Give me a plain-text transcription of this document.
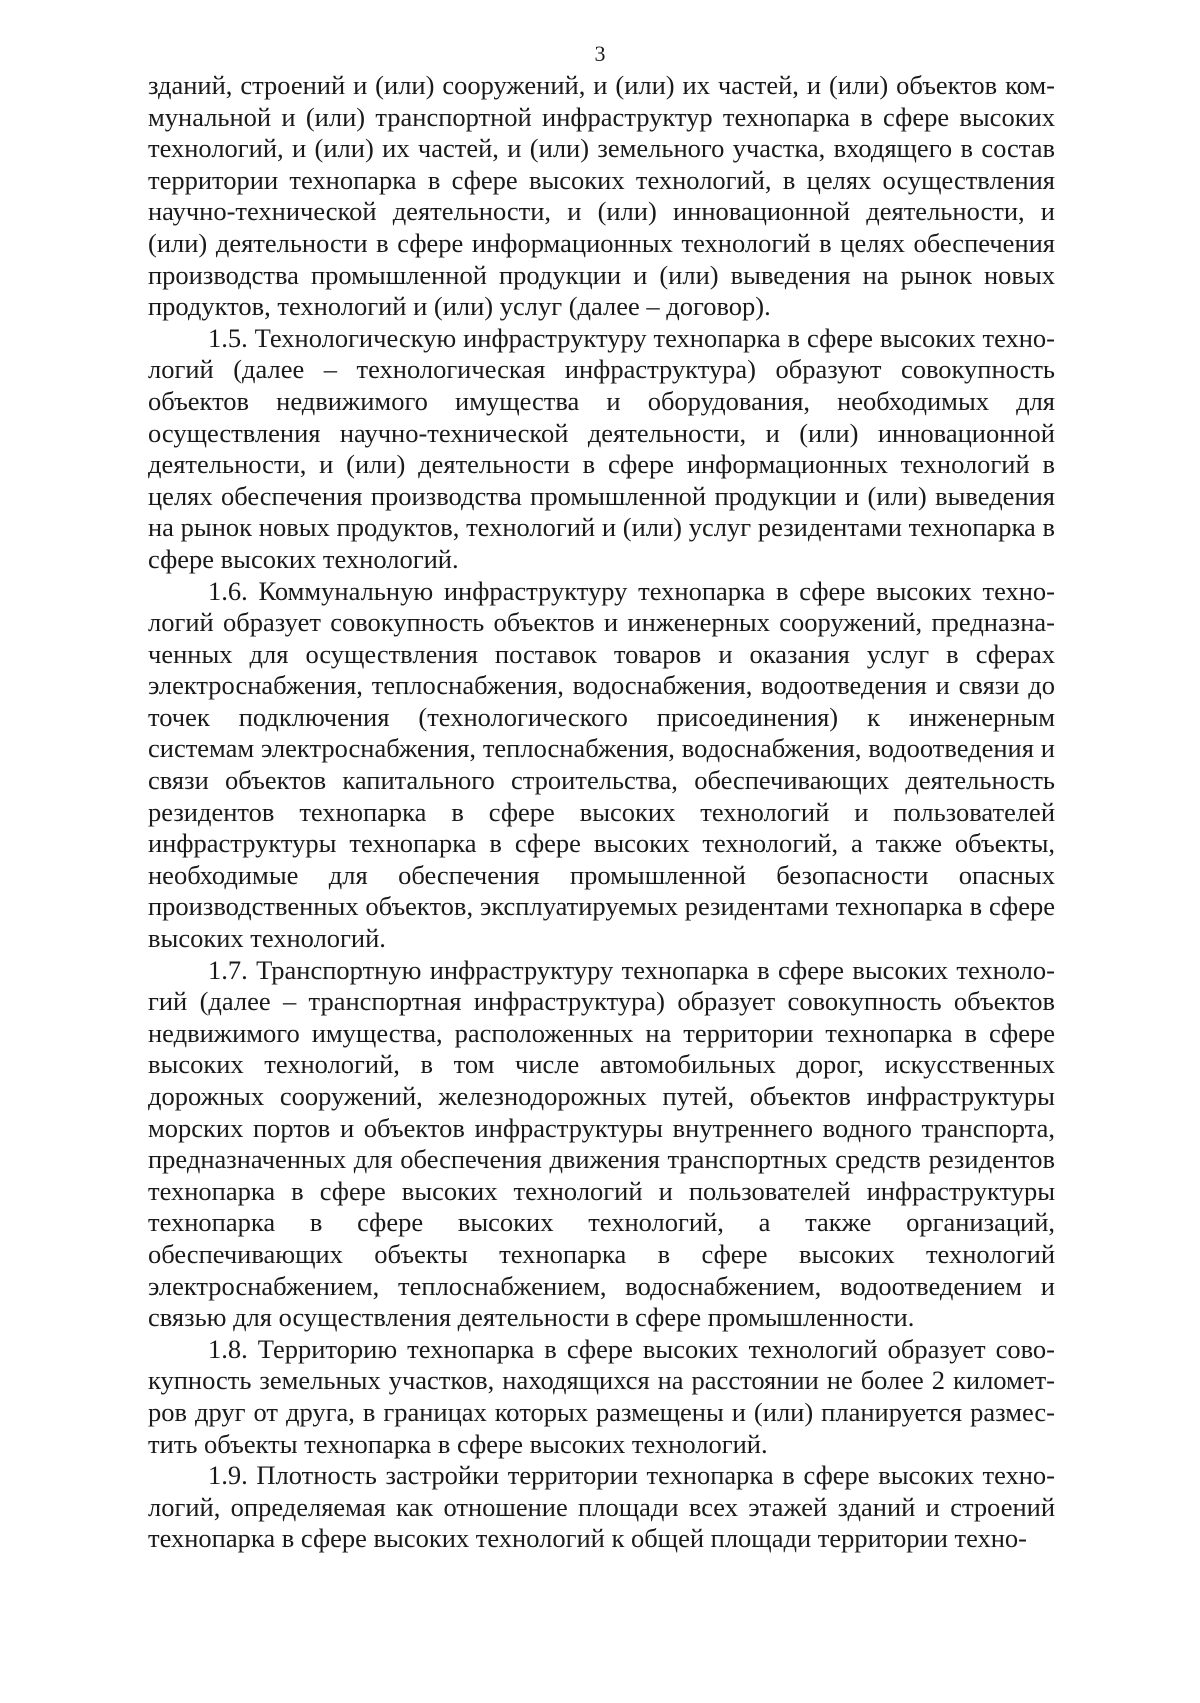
3

зданий, строений и (или) сооружений, и (или) их частей, и (или) объектов коммунальной и (или) транспортной инфраструктур технопарка в сфере высоких технологий, и (или) их частей, и (или) земельного участка, входящего в состав территории технопарка в сфере высоких технологий, в целях осуществления научно-технической деятельности, и (или) инновационной деятельности, и (или) деятельности в сфере информационных технологий в целях обеспечения производства промышленной продукции и (или) выведения на рынок новых продуктов, технологий и (или) услуг (далее – договор).

1.5. Технологическую инфраструктуру технопарка в сфере высоких технологий (далее – технологическая инфраструктура) образуют совокупность объектов недвижимого имущества и оборудования, необходимых для осуществления научно-технической деятельности, и (или) инновационной деятельности, и (или) деятельности в сфере информационных технологий в целях обеспечения производства промышленной продукции и (или) выведения на рынок новых продуктов, технологий и (или) услуг резидентами технопарка в сфере высоких технологий.

1.6. Коммунальную инфраструктуру технопарка в сфере высоких технологий образует совокупность объектов и инженерных сооружений, предназначенных для осуществления поставок товаров и оказания услуг в сферах электроснабжения, теплоснабжения, водоснабжения, водоотведения и связи до точек подключения (технологического присоединения) к инженерным системам электроснабжения, теплоснабжения, водоснабжения, водоотведения и связи объектов капитального строительства, обеспечивающих деятельность резидентов технопарка в сфере высоких технологий и пользователей инфраструктуры технопарка в сфере высоких технологий, а также объекты, необходимые для обеспечения промышленной безопасности опасных производственных объектов, эксплуатируемых резидентами технопарка в сфере высоких технологий.

1.7. Транспортную инфраструктуру технопарка в сфере высоких технологий (далее – транспортная инфраструктура) образует совокупность объектов недвижимого имущества, расположенных на территории технопарка в сфере высоких технологий, в том числе автомобильных дорог, искусственных дорожных сооружений, железнодорожных путей, объектов инфраструктуры морских портов и объектов инфраструктуры внутреннего водного транспорта, предназначенных для обеспечения движения транспортных средств резидентов технопарка в сфере высоких технологий и пользователей инфраструктуры технопарка в сфере высоких технологий, а также организаций, обеспечивающих объекты технопарка в сфере высоких технологий электроснабжением, теплоснабжением, водоснабжением, водоотведением и связью для осуществления деятельности в сфере промышленности.

1.8. Территорию технопарка в сфере высоких технологий образует совокупность земельных участков, находящихся на расстоянии не более 2 километров друг от друга, в границах которых размещены и (или) планируется разместить объекты технопарка в сфере высоких технологий.

1.9. Плотность застройки территории технопарка в сфере высоких технологий, определяемая как отношение площади всех этажей зданий и строений технопарка в сфере высоких технологий к общей площади территории техно-
